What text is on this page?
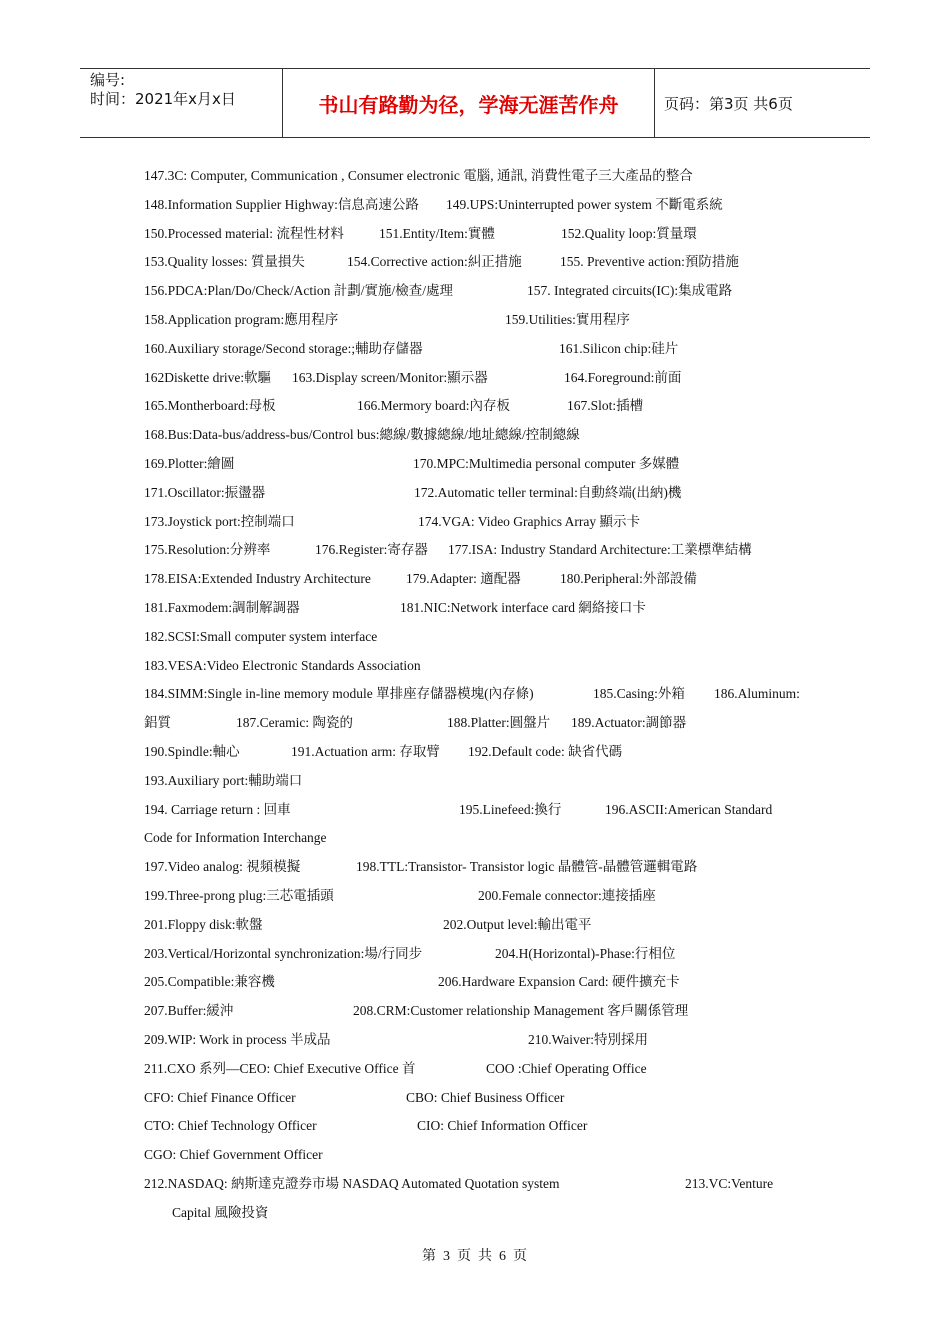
编号:
时间：2021年x月x日	书山有路勤为径，学海无涯苦作舟	页码：第3页 共6页
147.3C: Computer, Communication , Consumer electronic 電腦, 通訊, 消費性電子三大產品的整合
148.Information Supplier Highway:信息高速公路 149.UPS:Uninterrupted power system 不斷電系統
150.Processed material: 流程性材料	151.Entity/Item:實體	152.Quality loop:質量環
153.Quality losses: 質量損失	154.Corrective action:糾正措施	155. Preventive action:預防措施
156.PDCA:Plan/Do/Check/Action 計劃/實施/檢查/處理	157. Integrated circuits(IC):集成電路
158.Application program:應用程序	159.Utilities:實用程序
160.Auxiliary storage/Second storage:;輔助存儲器	161.Silicon chip:硅片
162Diskette drive:軟驅 163.Display screen/Monitor:顯示器	164.Foreground:前面
165.Montherboard:母板	166.Mermory board:內存板	167.Slot:插槽
168.Bus:Data-bus/address-bus/Control bus:總線/數據總線/地址總線/控制總線
169.Plotter:繪圖	170.MPC:Multimedia personal computer 多媒體
171.Oscillator:振盪器	172.Automatic teller terminal:自動終端(出納)機
173.Joystick port:控制端口	174.VGA: Video Graphics Array 顯示卡
175.Resolution:分辨率	176.Register:寄存器 177.ISA: Industry Standard Architecture:工業標準結構
178.EISA:Extended Industry Architecture	179.Adapter: 適配器	180.Peripheral:外部設備
181.Faxmodem:調制解調器	181.NIC:Network interface card 網絡接口卡
182.SCSI:Small computer system interface
183.VESA:Video Electronic Standards Association
184.SIMM:Single in-line memory module 單排座存儲器模塊(內存條)	185.Casing:外箱 186.Aluminum:
鋁質	187.Ceramic: 陶瓷的	188.Platter:圓盤片 189.Actuator:調節器
190.Spindle:軸心	191.Actuation arm: 存取臂 192.Default code: 缺省代碼
193.Auxiliary port:輔助端口
194. Carriage return : 回車	195.Linefeed:換行	196.ASCII:American Standard
Code for Information Interchange
197.Video analog: 視頻模擬	198.TTL:Transistor- Transistor logic 晶體管-晶體管邏輯電路
199.Three-prong plug:三芯電插頭	200.Female connector:連接插座
201.Floppy disk:軟盤	202.Output level:輸出電平
203.Vertical/Horizontal synchronization:場/行同步	204.H(Horizontal)-Phase:行相位
205.Compatible:兼容機	206.Hardware Expansion Card: 硬件擴充卡
207.Buffer:緩沖	208.CRM:Customer relationship Management 客戶關係管理
209.WIP: Work in process 半成品	210.Waiver:特別採用
211.CXO 系列—CEO: Chief Executive Office 首	COO :Chief Operating Office
CFO: Chief Finance Officer	CBO: Chief Business Officer
CTO: Chief Technology Officer	CIO: Chief Information Officer
CGO: Chief Government Officer
212.NASDAQ: 納斯達克證券市場 NASDAQ Automated Quotation system	213.VC:Venture
Capital 風險投資
第 3 页 共 6 页
